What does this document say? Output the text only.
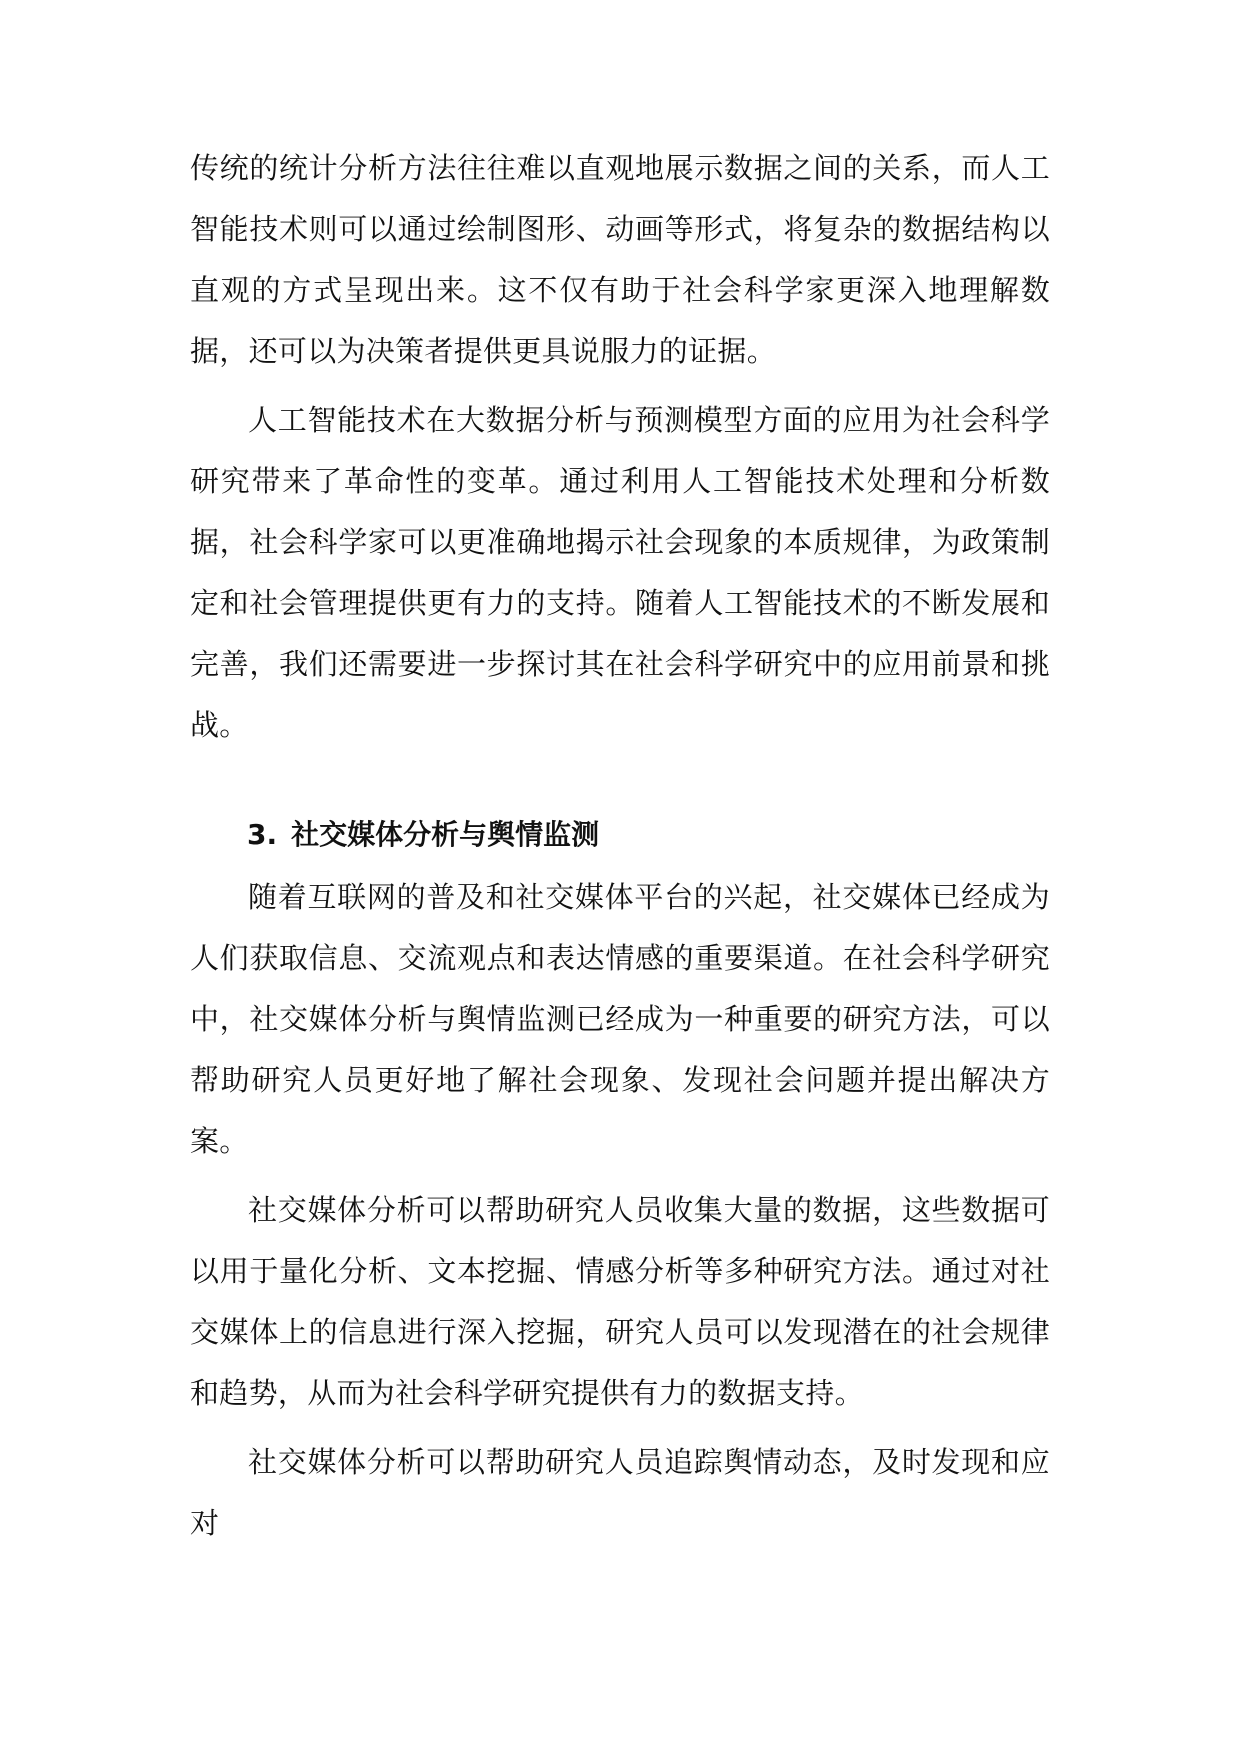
传统的统计分析方法往往难以直观地展示数据之间的关系，而人工智能技术则可以通过绘制图形、动画等形式，将复杂的数据结构以直观的方式呈现出来。这不仅有助于社会科学家更深入地理解数据，还可以为决策者提供更具说服力的证据。

人工智能技术在大数据分析与预测模型方面的应用为社会科学研究带来了革命性的变革。通过利用人工智能技术处理和分析数据，社会科学家可以更准确地揭示社会现象的本质规律，为政策制定和社会管理提供更有力的支持。随着人工智能技术的不断发展和完善，我们还需要进一步探讨其在社会科学研究中的应用前景和挑战。

3. 社交媒体分析与舆情监测

随着互联网的普及和社交媒体平台的兴起，社交媒体已经成为人们获取信息、交流观点和表达情感的重要渠道。在社会科学研究中，社交媒体分析与舆情监测已经成为一种重要的研究方法，可以帮助研究人员更好地了解社会现象、发现社会问题并提出解决方案。

社交媒体分析可以帮助研究人员收集大量的数据，这些数据可以用于量化分析、文本挖掘、情感分析等多种研究方法。通过对社交媒体上的信息进行深入挖掘，研究人员可以发现潜在的社会规律和趋势，从而为社会科学研究提供有力的数据支持。

社交媒体分析可以帮助研究人员追踪舆情动态，及时发现和应对
